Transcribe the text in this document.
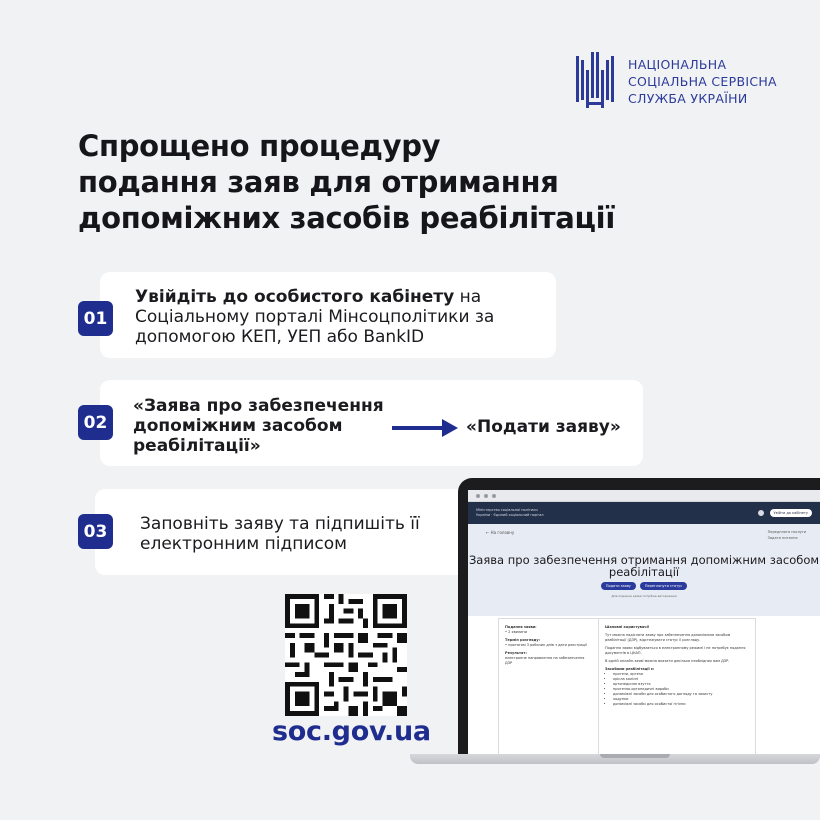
НАЦІОНАЛЬНА
СОЦІАЛЬНА СЕРВІСНА
СЛУЖБА УКРАЇНИ
Спрощено процедуру
подання заяв для отримання
допоміжних засобів реабілітації
01
Увійдіть до особистого кабінету на Соціальному порталі Мінсоцполітики за допомогою КЕП, УЕП або BankID
02
«Заява про забезпечення допоміжним засобом реабілітації»
«Подати заяву»
03	Заповніть заяву та підпишіть її електронним підписом
soc.gov.ua
Міністерство соціальної політики України · Єдиний соціальний портал	Увійти до кабінету
← На головну	Передплата послуги
Задати питання
Заява про забезпечення отримання допоміжним засобом реабілітації
Подати заяву	Переглянути статус
Для подання заяви потрібна авторизація
Подання заяви:
• 2 хвилини
Термін розгляду:
• протягом 3 робочих днів з дати реєстрації
Результат:
електронне направлення на забезпечення ДЗР
Шановні користувачі!
Тут можна надіслати заяву про забезпечення допоміжним засобом реабілітації (ДЗР), відстежувати статус її розгляду.
Подання заяви відбувається в електронному режимі і не потребує подання документів в ЦНАП.
В одній онлайн-заяві можна вказати декілька необхідних вам ДЗР.
Засобами реабілітації є:
• протези, ортези
• крісла колісні
• ортопедичне взуття
• протезно-ортопедичні вироби
• допоміжні засоби для особистого догляду та захисту
• ходунки
• допоміжні засоби для особистої гігієни
